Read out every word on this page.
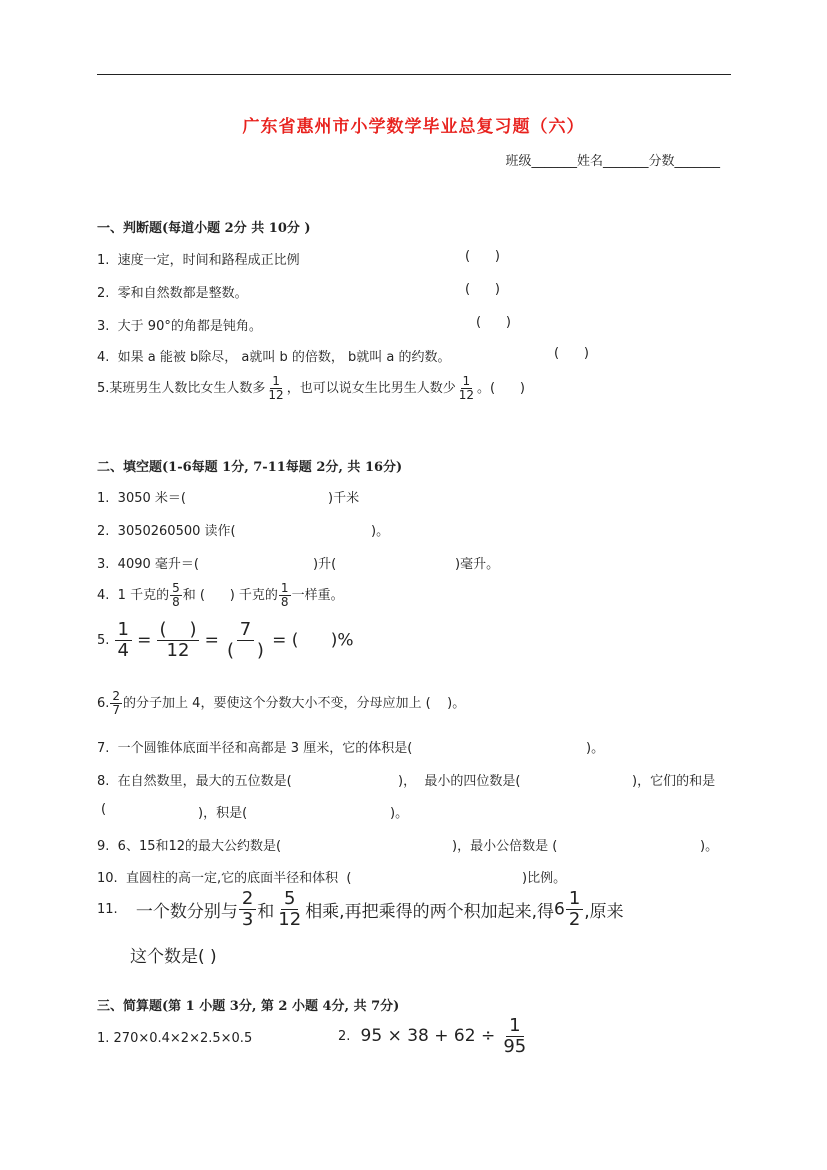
广东省惠州市小学数学毕业总复习题（六）
班级_______姓名_______分数_______
一、判断题(每道小题 2分 共 10分 )
1.  速度一定，时间和路程成正比例	(      )
2.  零和自然数都是整数。	(      )
3.  大于 90°的角都是钝角。	(      )
4.  如果 a 能被 b除尽， a就叫 b 的倍数， b就叫 a 的约数。	(      )
5.某班男生人数比女生人数多 $\frac{1}{12}$ ，也可以说女生比男生人数少 $\frac{1}{12}$ 。(      )
二、填空题(1-6每题 1分, 7-11每题 2分, 共 16分)
1.  3050 米＝(	)千米
2.  3050260500 读作(	)。
3.  4090 毫升＝(	)升(	)毫升。
4.  1 千克的 $\frac{5}{8}$ 和 (      ) 千克的 $\frac{1}{8}$ 一样重。
5. $\frac{1}{4} = \frac{( )}{12} = \frac{7}{( )}$ = (      )%
6. $\frac{2}{7}$ 的分子加上 4，要使这个分数大小不变，分母应加上 (    )。
7.  一个圆锥体底面半径和高都是 3 厘米，它的体积是(	)。
8.  在自然数里，最大的五位数是(	)，  最小的四位数是(	)，它们的和是
(	)，积是(	)。
9.  6、15和12的最大公约数是(	)，最小公倍数是 (	)。
10.  直圆柱的高一定,它的底面半径和体积  (	)比例。
11. 一个数分别与 $\frac{2}{3}$ 和 $\frac{5}{12}$ 相乘,再把乘得的两个积加起来,得$6 \frac{1}{2}$ ,原来
这个数是( )
三、简算题(第 1 小题 3分, 第 2 小题 4分, 共 7分)
1. 270×0.4×2×2.5×0.5	2. $95 \times 38 + 62 \div \frac{1}{95}$
